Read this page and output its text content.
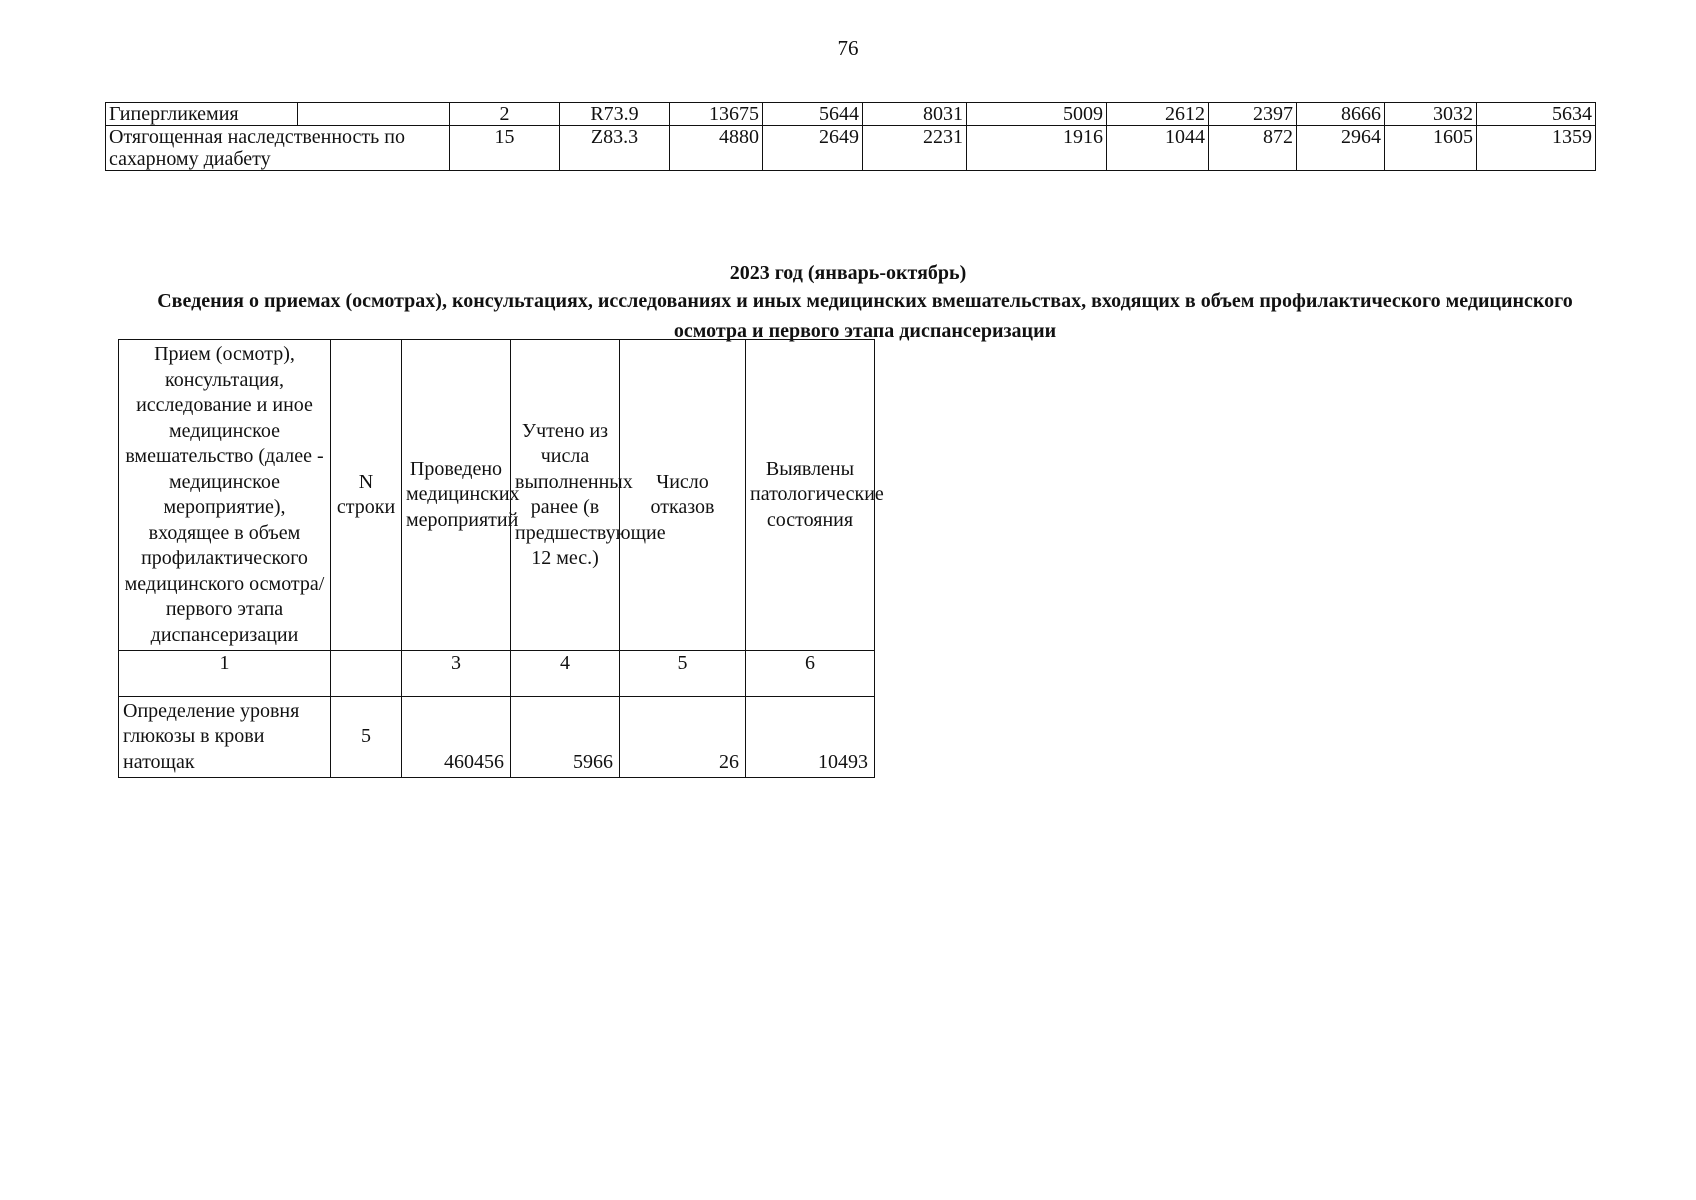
76
Гипергликемия		2	R73.9	13675	5644	8031	5009	2612	2397	8666	3032	5634
Отягощенная наследственность по сахарному диабету		15	Z83.3	4880	2649	2231	1916	1044	872	2964	1605	1359
2023 год (январь-октябрь)
Сведения о приемах (осмотрах), консультациях, исследованиях и иных медицинских вмешательствах, входящих в объем профилактического медицинского осмотра и первого этапа диспансеризации
Прием (осмотр), консультация, исследование и иное медицинское вмешательство (далее - медицинское мероприятие), входящее в объем профилактического медицинского осмотра/ первого этапа диспансеризации	N строки	Проведено медицинских мероприятий	Учтено из числа выполненных ранее (в предшествующие 12 мес.)	Число отказов	Выявлены патологические состояния
1		3	4	5	6
Определение уровня глюкозы в крови натощак	5	460456	5966	26	10493
